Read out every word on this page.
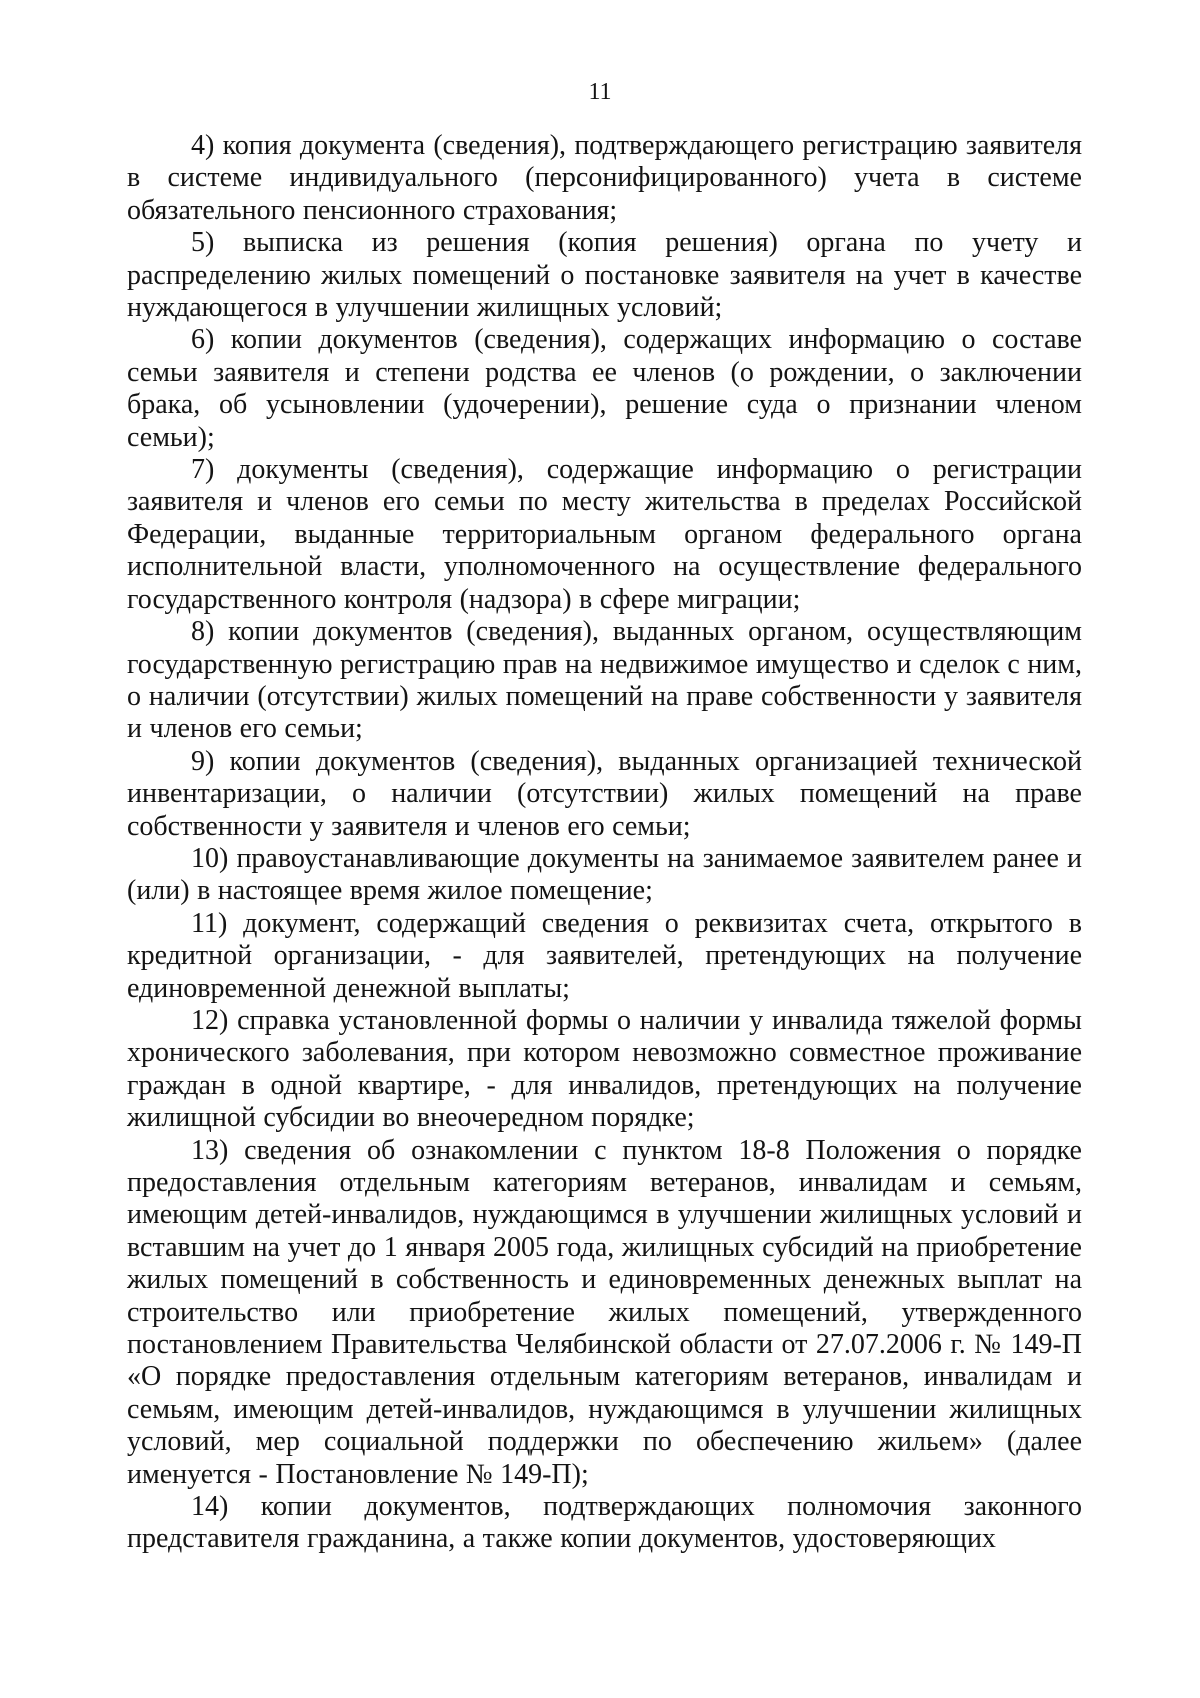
11

4) копия документа (сведения), подтверждающего регистрацию заявителя в системе индивидуального (персонифицированного) учета в системе обязательного пенсионного страхования;

5) выписка из решения (копия решения) органа по учету и распределению жилых помещений о постановке заявителя на учет в качестве нуждающегося в улучшении жилищных условий;

6) копии документов (сведения), содержащих информацию о составе семьи заявителя и степени родства ее членов (о рождении, о заключении брака, об усыновлении (удочерении), решение суда о признании членом семьи);

7) документы (сведения), содержащие информацию о регистрации заявителя и членов его семьи по месту жительства в пределах Российской Федерации, выданные территориальным органом федерального органа исполнительной власти, уполномоченного на осуществление федерального государственного контроля (надзора) в сфере миграции;

8) копии документов (сведения), выданных органом, осуществляющим государственную регистрацию прав на недвижимое имущество и сделок с ним, о наличии (отсутствии) жилых помещений на праве собственности у заявителя и членов его семьи;

9) копии документов (сведения), выданных организацией технической инвентаризации, о наличии (отсутствии) жилых помещений на праве собственности у заявителя и членов его семьи;

10) правоустанавливающие документы на занимаемое заявителем ранее и (или) в настоящее время жилое помещение;

11) документ, содержащий сведения о реквизитах счета, открытого в кредитной организации, - для заявителей, претендующих на получение единовременной денежной выплаты;

12) справка установленной формы о наличии у инвалида тяжелой формы хронического заболевания, при котором невозможно совместное проживание граждан в одной квартире, - для инвалидов, претендующих на получение жилищной субсидии во внеочередном порядке;

13) сведения об ознакомлении с пунктом 18-8 Положения о порядке предоставления отдельным категориям ветеранов, инвалидам и семьям, имеющим детей-инвалидов, нуждающимся в улучшении жилищных условий и вставшим на учет до 1 января 2005 года, жилищных субсидий на приобретение жилых помещений в собственность и единовременных денежных выплат на строительство или приобретение жилых помещений, утвержденного постановлением Правительства Челябинской области от 27.07.2006 г. № 149-П «О порядке предоставления отдельным категориям ветеранов, инвалидам и семьям, имеющим детей-инвалидов, нуждающимся в улучшении жилищных условий, мер социальной поддержки по обеспечению жильем» (далее именуется - Постановление № 149-П);

14) копии документов, подтверждающих полномочия законного представителя гражданина, а также копии документов, удостоверяющих
